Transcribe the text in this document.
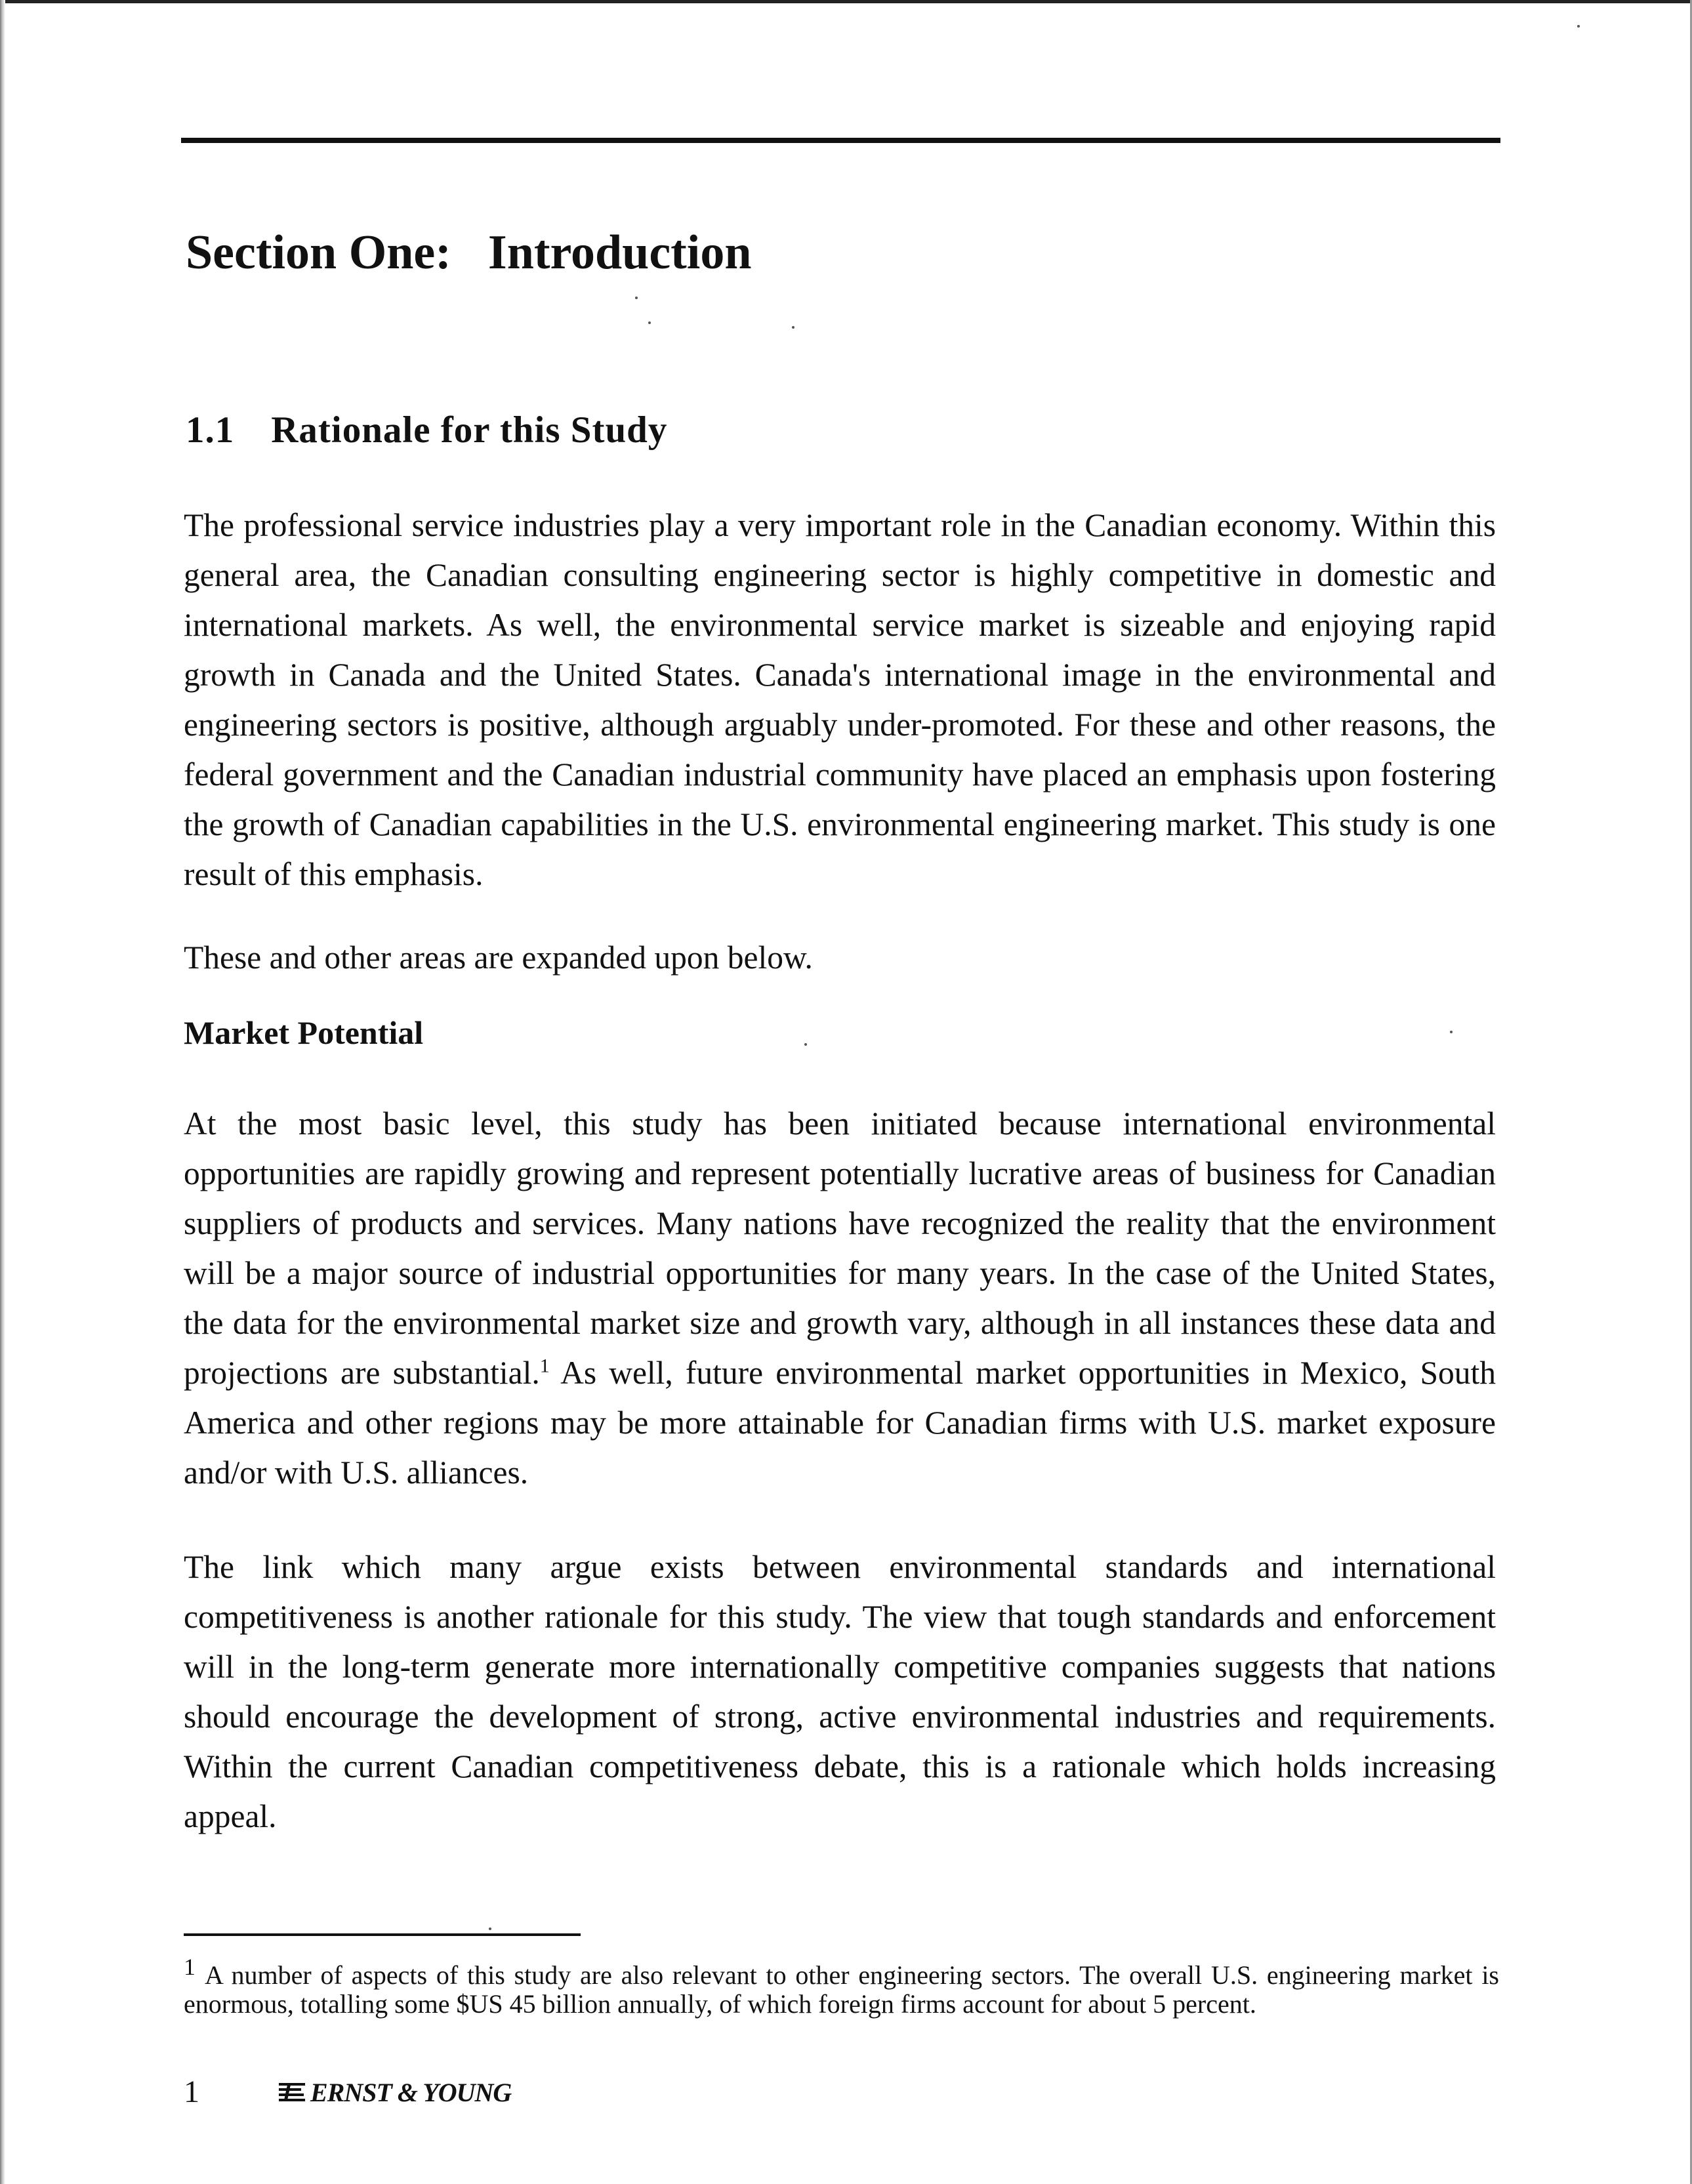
Section One: Introduction
1.1 Rationale for this Study

The professional service industries play a very important role in the Canadian economy. Within this general area, the Canadian consulting engineering sector is highly competitive in domestic and international markets. As well, the environmental service market is sizeable and enjoying rapid growth in Canada and the United States. Canada's international image in the environmental and engineering sectors is positive, although arguably under-promoted. For these and other reasons, the federal government and the Canadian industrial community have placed an emphasis upon fostering the growth of Canadian capabilities in the U.S. environmental engineering market. This study is one result of this emphasis.

These and other areas are expanded upon below.

Market Potential

At the most basic level, this study has been initiated because international environmental opportunities are rapidly growing and represent potentially lucrative areas of business for Canadian suppliers of products and services. Many nations have recognized the reality that the environment will be a major source of industrial opportunities for many years. In the case of the United States, the data for the environmental market size and growth vary, although in all instances these data and projections are substantial.$^1$ As well, future environmental market opportunities in Mexico, South America and other regions may be more attainable for Canadian firms with U.S. market exposure and/or with U.S. alliances.

The link which many argue exists between environmental standards and international competitiveness is another rationale for this study. The view that tough standards and enforcement will in the long-term generate more internationally competitive companies suggests that nations should encourage the development of strong, active environmental industries and requirements. Within the current Canadian competitiveness debate, this is a rationale which holds increasing appeal.

1 A number of aspects of this study are also relevant to other engineering sectors. The overall U.S. engineering market is enormous, totalling some $US 45 billion annually, of which foreign firms account for about 5 percent.

1	ERNST & YOUNG
